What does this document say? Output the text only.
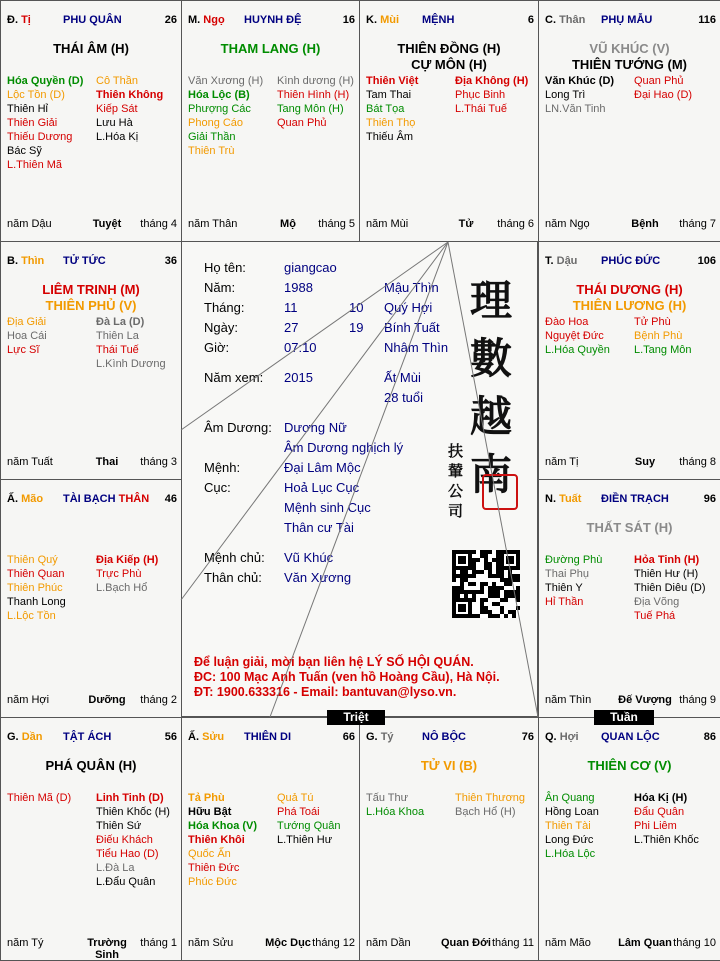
Đ. Tị	PHU QUÂN	26
THÁI ÂM (H)
Hóa Quyền (D)
Lộc Tồn (D)
Thiên Hỉ
Thiên Giải
Thiếu Dương
Bác Sỹ
L.Thiên Mã
Cô Thần
Thiên Không
Kiếp Sát
Lưu Hà
L.Hóa Kị
năm Dậu	Tuyệt	tháng 4
M. Ngọ HUYNH ĐỆ	16
THAM LANG (H)
Văn Xương (H)
Hóa Lộc (B)
Phượng Các
Phong Cáo
Giải Thần
Thiên Trù
Kình dương (H)
Thiên Hình (H)
Tang Môn (H)
Quan Phủ
năm Thân	Mộ	tháng 5
K. Mùi MỆNH	6
THIÊN ĐỒNG (H)
CỰ MÔN (H)
Thiên Việt
Tam Thai
Bát Tọa
Thiên Thọ
Thiếu Âm
Địa Không (H)
Phục Binh
L.Thái Tuế
năm Mùi	Tử	tháng 6
C. Thân PHỤ MẪU	116
VŨ KHÚC (V)
THIÊN TƯỚNG (M)
Văn Khúc (D)
Long Trì
LN.Văn Tinh
Quan Phủ
Đại Hao (D)
năm Ngọ	Bệnh	tháng 7
B. Thìn TỬ TỨC	36
LIÊM TRINH (M)
THIÊN PHỦ (V)
Địa Giải
Hoa Cái
Lực Sĩ
Đà La (D)
Thiên La
Thái Tuế
L.Kình Dương
năm Tuất	Thai	tháng 3
T. Dậu PHÚC ĐỨC	106
THÁI DƯƠNG (H)
THIÊN LƯƠNG (H)
Đào Hoa
Nguyệt Đức
L.Hóa Quyền
Tử Phù
Bệnh Phù
L.Tang Môn
năm Tị	Suy	tháng 8
Ấ. Mão TÀI BẠCH THÂN 46
Thiên Quý
Thiên Quan
Thiên Phúc
Thanh Long
L.Lộc Tồn
Địa Kiếp (H)
Trực Phù
L.Bạch Hổ
năm Hợi	Dưỡng	tháng 2
N. Tuất ĐIỀN TRẠCH	96
THẤT SÁT (H)
Đường Phù
Thai Phụ
Thiên Y
Hỉ Thần
Hỏa Tinh (H)
Thiên Hư (H)
Thiên Diêu (D)
Địa Võng
Tuế Phá
năm Thìn Đế Vượng tháng 9
G. Dần TẬT ÁCH	56
PHÁ QUÂN (H)
Thiên Mã (D)	Linh Tinh (D)
Thiên Khốc (H)
Thiên Sứ
Điếu Khách
Tiểu Hao (D)
L.Đà La
L.Đẩu Quân
năm Tý	Trường Sinh
tháng 1
Ấ. Sửu THIÊN DI	66
Tả Phù
Hữu Bật
Hóa Khoa (V)
Thiên Khôi
Quốc Ấn
Thiên Đức
Phúc Đức
Quả Tú
Phá Toái
Tướng Quân
L.Thiên Hư
năm Sửu	Mộc Dục tháng 12
G. Tý	NÔ BỘC	76
TỬ VI (B)
Tấu Thư
L.Hóa Khoa
Thiên Thương
Bạch Hổ (H)
năm Dần	Quan Đới tháng 11
Q. Hợi QUAN LỘC	86
THIÊN CƠ (V)
Ân Quang
Hồng Loan
Thiên Tài
Long Đức
L.Hóa Lộc
Hóa Kị (H)
Đẩu Quân
Phi Liêm
L.Thiên Khốc
năm Mão Lâm Quan tháng 10
Họ tên:	giangcao
Năm:	1988	Mậu Thìn
Tháng:	11	10 Quý Hợi
Ngày:	27	19 Bính Tuất
Giờ:	07:10	Nhâm Thìn
Năm xem: 2015	Ất Mùi
28 tuổi
Âm Dương: Dương Nữ
Âm Dương nghịch lý
Mệnh:	Đại Lâm Mộc
Cục:	Hoả Lục Cục
Mệnh sinh Cục
Thân cư Tài
Mệnh chủ: Vũ Khúc
Thân chủ: Văn Xương
理
數
越
南
扶
輦
公
司
Để luận giải, mời bạn liên hệ LÝ SỐ HỘI QUÁN.
ĐC: 100 Mạc Anh Tuấn (ven hồ Hoàng Cầu), Hà Nội.
ĐT: 1900.633316 - Email: bantuvan@lyso.vn.
Triệt	Tuần
